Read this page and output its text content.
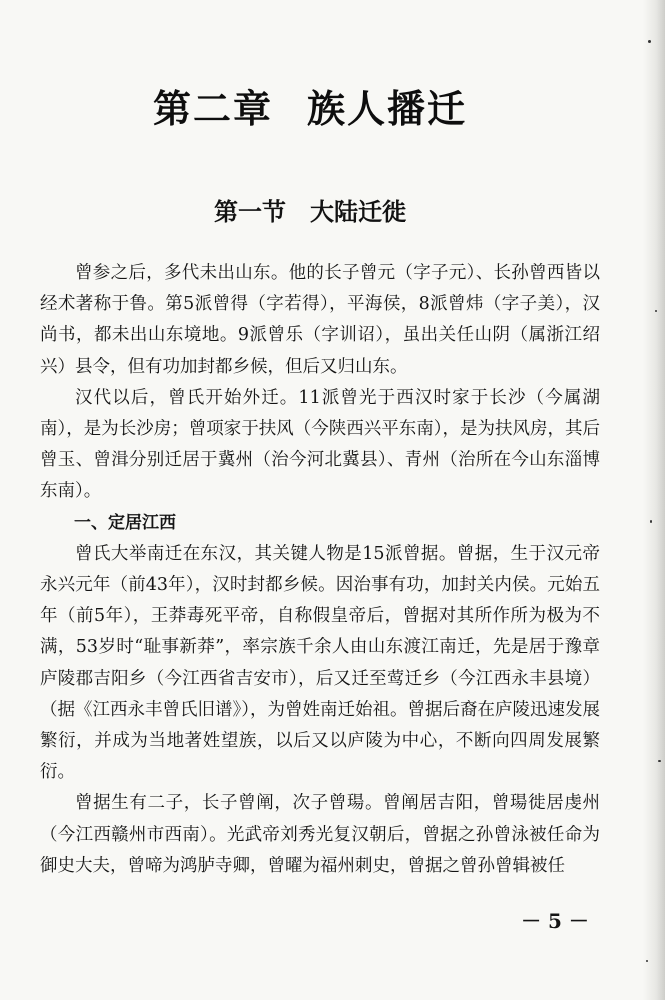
第二章 族人播迁
第一节 大陆迁徙

曾参之后，多代未出山东。他的长子曾元（字子元）、长孙曾西皆以经术著称于鲁。第5派曾得（字若得），平海侯，8派曾炜（字子美），汉尚书，都未出山东境地。9派曾乐（字训诏），虽出关任山阴（属浙江绍兴）县令，但有功加封都乡候，但后又归山东。

汉代以后，曾氏开始外迁。11派曾光于西汉时家于长沙（今属湖南），是为长沙房；曾项家于扶风（今陕西兴平东南），是为扶风房，其后曾玉、曾湒分别迁居于冀州（治今河北冀县）、青州（治所在今山东淄博东南）。

一、定居江西

曾氏大举南迁在东汉，其关键人物是15派曾据。曾据，生于汉元帝永兴元年（前43年），汉时封都乡候。因治事有功，加封关内侯。元始五年（前5年），王莽毒死平帝，自称假皇帝后，曾据对其所作所为极为不满，53岁时“耻事新莽”，率宗族千余人由山东渡江南迁，先是居于豫章庐陵郡吉阳乡（今江西省吉安市），后又迁至莺迁乡（今江西永丰县境）（据《江西永丰曾氏旧谱》），为曾姓南迁始祖。曾据后裔在庐陵迅速发展繁衍，并成为当地著姓望族，以后又以庐陵为中心，不断向四周发展繁衍。

曾据生有二子，长子曾阐，次子曾瑒。曾阐居吉阳，曾瑒徙居虔州（今江西赣州市西南）。光武帝刘秀光复汉朝后，曾据之孙曾泳被任命为御史大夫，曾啼为鸿胪寺卿，曾曜为福州刺史，曾据之曾孙曾辑被任

－ 5 －
